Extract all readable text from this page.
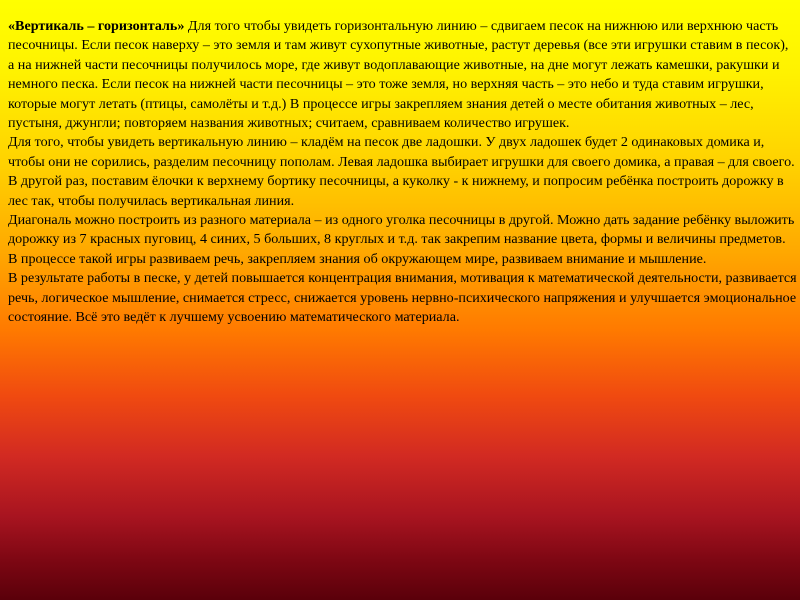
«Вертикаль – горизонталь» Для того чтобы увидеть горизонтальную линию – сдвигаем песок на нижнюю или верхнюю часть песочницы. Если песок наверху – это земля и там живут сухопутные животные, растут деревья (все эти игрушки ставим в песок), а на нижней части песочницы получилось море, где живут водоплавающие животные, на дне могут лежать камешки, ракушки и немного песка. Если песок на нижней части песочницы – это тоже земля, но верхняя часть – это небо и туда ставим игрушки, которые могут летать (птицы, самолёты и т.д.) В процессе игры закрепляем знания детей о месте обитания животных – лес, пустыня, джунгли; повторяем названия животных; считаем, сравниваем количество игрушек.

Для того, чтобы увидеть вертикальную линию – кладём на песок две ладошки. У двух ладошек будет 2 одинаковых домика и, чтобы они не сорились, разделим песочницу пополам. Левая ладошка выбирает игрушки для своего домика, а правая – для своего. В другой раз, поставим ёлочки к верхнему бортику песочницы, а куколку - к нижнему, и попросим ребёнка построить дорожку в лес так, чтобы получилась вертикальная линия.

Диагональ можно построить из разного материала – из одного уголка песочницы в другой. Можно дать задание ребёнку выложить дорожку из 7 красных пуговиц, 4 синих, 5 больших, 8 круглых и т.д. так закрепим название цвета, формы и величины предметов.

В процессе такой игры развиваем речь, закрепляем знания об окружающем мире, развиваем внимание и мышление.

В результате работы в песке, у детей повышается концентрация внимания, мотивация к математической деятельности, развивается речь, логическое мышление, снимается стресс, снижается уровень нервно-психического напряжения и улучшается эмоциональное состояние. Всё это ведёт к лучшему усвоению математического материала.
